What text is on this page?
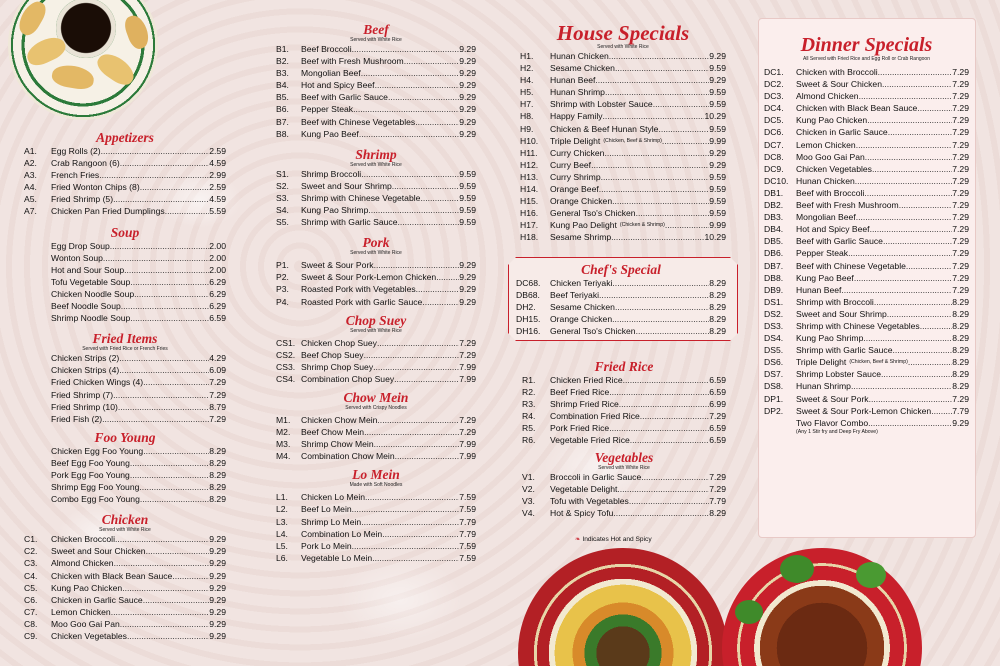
Appetizers
A1.	Egg Rolls (2) .....	2.59
A2.	Crab Rangoon (6) .....	4.59
A3.	French Fries .....	2.99
A4.	Fried Wonton Chips (8) .....	2.59
A5.	Fried Shrimp (5) .....	4.59
A7.	Chicken Pan Fried Dumplings .....	5.59
Soup
Egg Drop Soup .....	2.00
Wonton Soup .....	2.00
Hot and Sour Soup .....	2.00
Tofu Vegetable Soup .....	6.29
Chicken Noodle Soup .....	6.29
Beef Noodle Soup .....	6.29
Shrimp Noodle Soup .....	6.59
Fried Items
Served with Fried Rice or French Fries
Chicken Strips (2) .....	4.29
Chicken Strips (4) .....	6.09
Fried Chicken Wings (4) .....	7.29
Fried Shrimp (7) .....	7.29
Fried Shrimp (10) .....	8.79
Fried Fish (2) .....	7.29
Foo Young
Chicken Egg Foo Young .....	8.29
Beef Egg Foo Young .....	8.29
Pork Egg Foo Young .....	8.29
Shrimp Egg Foo Young .....	8.29
Combo Egg Foo Young .....	8.29
Chicken
Served with White Rice
C1.	Chicken Broccoli .....	9.29
C2.	Sweet and Sour Chicken .....	9.29
C3.	Almond Chicken .....	9.29
C4.	Chicken with Black Bean Sauce .....	9.29
C5.	Kung Pao Chicken .....	9.29
C6.	Chicken in Garlic Sauce .....	9.29
C7.	Lemon Chicken .....	9.29
C8.	Moo Goo Gai Pan .....	9.29
C9.	Chicken Vegetables .....	9.29
Beef
Served with White Rice
B1.	Beef Broccoli .....	9.29
B2.	Beef with Fresh Mushroom .....	9.29
B3.	Mongolian Beef .....	9.29
B4.	Hot and Spicy Beef .....	9.29
B5.	Beef with Garlic Sauce .....	9.29
B6.	Pepper Steak .....	9.29
B7.	Beef with Chinese Vegetables .....	9.29
B8.	Kung Pao Beef .....	9.29
Shrimp
Served with White Rice
S1.	Shrimp Broccoli .....	9.59
S2.	Sweet and Sour Shrimp .....	9.59
S3.	Shrimp with Chinese Vegetable .....	9.59
S4.	Kung Pao Shrimp .....	9.59
S5.	Shrimp with Garlic Sauce .....	9.59
Pork
Served with White Rice
P1.	Sweet & Sour Pork .....	9.29
P2.	Sweet & Sour Pork-Lemon Chicken .....	9.29
P3.	Roasted Pork with Vegetables .....	9.29
P4.	Roasted Pork with Garlic Sauce .....	9.29
Chop Suey
Served with White Rice
CS1. Chicken Chop Suey .....	7.29
CS2. Beef Chop Suey .....	7.29
CS3. Shrimp Chop Suey .....	7.99
CS4. Combination Chop Suey .....	7.99
Chow Mein
Served with Crispy Noodles
M1.	Chicken Chow Mein .....	7.29
M2.	Beef Chow Mein .....	7.29
M3.	Shrimp Chow Mein .....	7.99
M4.	Combination Chow Mein .....	7.99
Lo Mein
Made with Soft Noodles
L1.	Chicken Lo Mein .....	7.59
L2.	Beef Lo Mein .....	7.59
L3.	Shrimp Lo Mein .....	7.79
L4.	Combination Lo Mein .....	7.79
L5.	Pork Lo Mein .....	7.59
L6.	Vegetable Lo Mein .....	7.59
House Specials
Served with White Rice
H1.	Hunan Chicken .....	9.29
H2.	Sesame Chicken .....	9.59
H4.	Hunan Beef .....	9.29
H5.	Hunan Shrimp .....	9.59
H7.	Shrimp with Lobster Sauce .....	9.59
H8.	Happy Family .....	10.29
H9.	Chicken & Beef Hunan Style .....	9.59
H10.	Triple Delight (Chicken, Beef & Shrimp) .....	9.99
H11.	Curry Chicken .....	9.29
H12.	Curry Beef .....	9.29
H13.	Curry Shrimp .....	9.59
H14.	Orange Beef .....	9.59
H15.	Orange Chicken .....	9.59
H16.	General Tso's Chicken .....	9.59
H17.	Kung Pao Delight (Chicken & Shrimp) .....	9.99
H18.	Sesame Shrimp .....	10.29
Chef's Special
DC68.	Chicken Teriyaki .....	8.29
DB68.	Beef Teriyaki .....	8.29
DH2.	Sesame Chicken .....	8.29
DH15.	Orange Chicken .....	8.29
DH16.	General Tso's Chicken .....	8.29
Fried Rice
R1.	Chicken Fried Rice .....	6.59
R2.	Beef Fried Rice .....	6.59
R3.	Shrimp Fried Rice .....	6.99
R4.	Combination Fried Rice .....	7.29
R5.	Pork Fried Rice .....	6.59
R6.	Vegetable Fried Rice .....	6.59
Vegetables
Served with White Rice
V1.	Broccoli in Garlic Sauce .....	7.29
V2.	Vegetable Delight .....	7.29
V3.	Tofu with Vegetables .....	7.79
V4.	Hot & Spicy Tofu .....	8.29
❧ Indicates Hot and Spicy
Dinner Specials
All Served with Fried Rice and Egg Roll or Crab Rangoon
DC1.	Chicken with Broccoli .....	7.29
DC2.	Sweet & Sour Chicken .....	7.29
DC3.	Almond Chicken .....	7.29
DC4.	Chicken with Black Bean Sauce .....	7.29
DC5.	Kung Pao Chicken .....	7.29
DC6.	Chicken in Garlic Sauce .....	7.29
DC7.	Lemon Chicken .....	7.29
DC8.	Moo Goo Gai Pan .....	7.29
DC9.	Chicken Vegetables .....	7.29
DC10. Hunan Chicken .....	7.29
DB1.	Beef with Broccoli .....	7.29
DB2.	Beef with Fresh Mushroom .....	7.29
DB3.	Mongolian Beef .....	7.29
DB4.	Hot and Spicy Beef .....	7.29
DB5.	Beef with Garlic Sauce .....	7.29
DB6.	Pepper Steak .....	7.29
DB7.	Beef with Chinese Vegetable .....	7.29
DB8.	Kung Pao Beef .....	7.29
DB9.	Hunan Beef .....	7.29
DS1.	Shrimp with Broccoli .....	8.29
DS2.	Sweet and Sour Shrimp .....	8.29
DS3.	Shrimp with Chinese Vegetables .....	8.29
DS4.	Kung Pao Shrimp .....	8.29
DS5.	Shrimp with Garlic Sauce .....	8.29
DS6.	Triple Delight (Chicken, Beef & Shrimp) .....	8.29
DS7.	Shrimp Lobster Sauce .....	8.29
DS8.	Hunan Shrimp .....	8.29
DP1.	Sweet & Sour Pork .....	7.29
DP2.	Sweet & Sour Pork-Lemon Chicken ..... 7.79
Two Flavor Combo .....	9.29
(Any 1 Stir fry and Deep Fry Above)
